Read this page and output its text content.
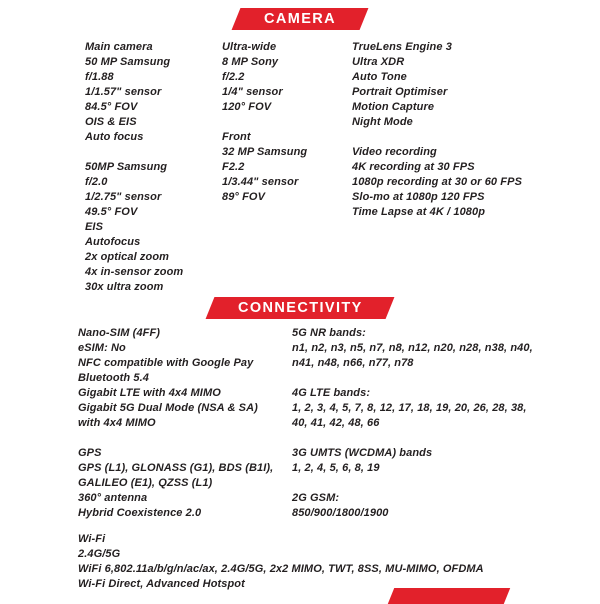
CAMERA
Main camera
50 MP Samsung
f/1.88
1/1.57" sensor
84.5° FOV
OIS & EIS
Auto focus
50MP Samsung
f/2.0
1/2.75" sensor
49.5° FOV
EIS
Autofocus
2x optical zoom
4x in-sensor zoom
30x ultra zoom
Ultra-wide
8 MP Sony
f/2.2
1/4" sensor
120° FOV
Front
32 MP Samsung
F2.2
1/3.44" sensor
89° FOV
TrueLens Engine 3
Ultra XDR
Auto Tone
Portrait Optimiser
Motion Capture
Night Mode
Video recording
4K recording at 30 FPS
1080p recording at 30 or 60 FPS
Slo-mo at 1080p 120 FPS
Time Lapse at 4K / 1080p
CONNECTIVITY
Nano-SIM (4FF)
eSIM: No
NFC compatible with Google Pay
Bluetooth 5.4
Gigabit LTE with 4x4 MIMO
Gigabit 5G Dual Mode (NSA & SA)
with 4x4 MIMO
GPS
GPS (L1), GLONASS (G1), BDS (B1I),
GALILEO (E1), QZSS (L1)
360° antenna
Hybrid Coexistence 2.0
5G NR bands:
n1, n2, n3, n5, n7, n8, n12, n20, n28, n38, n40,
n41, n48, n66, n77, n78
4G LTE bands:
1, 2, 3, 4, 5, 7, 8, 12, 17, 18, 19, 20, 26, 28, 38,
40, 41, 42, 48, 66
3G UMTS (WCDMA) bands
1, 2, 4, 5, 6, 8, 19
2G GSM:
850/900/1800/1900
Wi-Fi
2.4G/5G
WiFi 6,802.11a/b/g/n/ac/ax, 2.4G/5G, 2x2 MIMO, TWT, 8SS, MU-MIMO, OFDMA
Wi-Fi Direct, Advanced Hotspot
